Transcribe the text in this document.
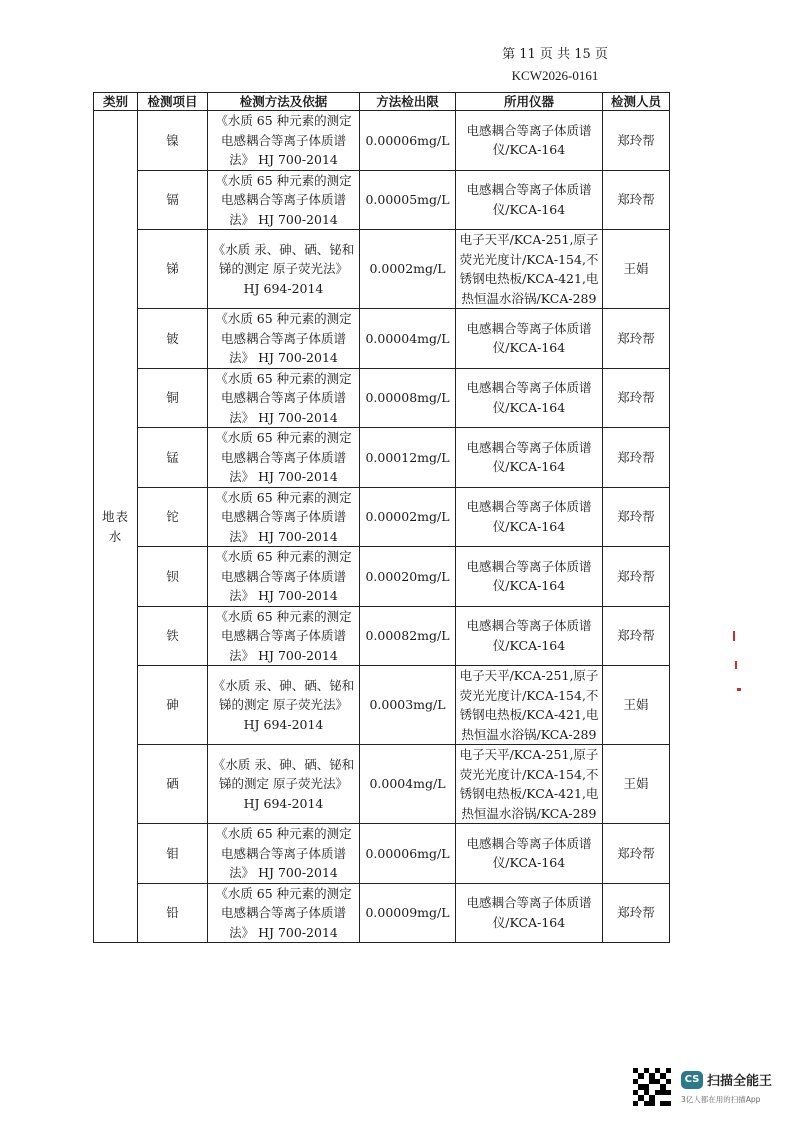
第 11 页 共 15 页
KCW2026-0161
类别	检测项目	检测方法及依据	方法检出限	所用仪器	检测人员
地表水	镍	《水质 65 种元素的测定电感耦合等离子体质谱法》 HJ 700-2014	0.00006mg/L	电感耦合等离子体质谱仪/KCA-164	郑玲帮
	镉	《水质 65 种元素的测定电感耦合等离子体质谱法》 HJ 700-2014	0.00005mg/L	电感耦合等离子体质谱仪/KCA-164	郑玲帮
	锑	《水质 汞、砷、硒、铋和锑的测定 原子荧光法》 HJ 694-2014	0.0002mg/L	电子天平/KCA-251,原子荧光光度计/KCA-154,不锈钢电热板/KCA-421,电热恒温水浴锅/KCA-289	王娟
	铍	《水质 65 种元素的测定电感耦合等离子体质谱法》 HJ 700-2014	0.00004mg/L	电感耦合等离子体质谱仪/KCA-164	郑玲帮
	铜	《水质 65 种元素的测定电感耦合等离子体质谱法》 HJ 700-2014	0.00008mg/L	电感耦合等离子体质谱仪/KCA-164	郑玲帮
	锰	《水质 65 种元素的测定电感耦合等离子体质谱法》 HJ 700-2014	0.00012mg/L	电感耦合等离子体质谱仪/KCA-164	郑玲帮
	铊	《水质 65 种元素的测定电感耦合等离子体质谱法》 HJ 700-2014	0.00002mg/L	电感耦合等离子体质谱仪/KCA-164	郑玲帮
	钡	《水质 65 种元素的测定电感耦合等离子体质谱法》 HJ 700-2014	0.00020mg/L	电感耦合等离子体质谱仪/KCA-164	郑玲帮
	铁	《水质 65 种元素的测定电感耦合等离子体质谱法》 HJ 700-2014	0.00082mg/L	电感耦合等离子体质谱仪/KCA-164	郑玲帮
	砷	《水质 汞、砷、硒、铋和锑的测定 原子荧光法》 HJ 694-2014	0.0003mg/L	电子天平/KCA-251,原子荧光光度计/KCA-154,不锈钢电热板/KCA-421,电热恒温水浴锅/KCA-289	王娟
	硒	《水质 汞、砷、硒、铋和锑的测定 原子荧光法》 HJ 694-2014	0.0004mg/L	电子天平/KCA-251,原子荧光光度计/KCA-154,不锈钢电热板/KCA-421,电热恒温水浴锅/KCA-289	王娟
	钼	《水质 65 种元素的测定电感耦合等离子体质谱法》 HJ 700-2014	0.00006mg/L	电感耦合等离子体质谱仪/KCA-164	郑玲帮
	铅	《水质 65 种元素的测定电感耦合等离子体质谱法》 HJ 700-2014	0.00009mg/L	电感耦合等离子体质谱仪/KCA-164	郑玲帮
CS 扫描全能王
3亿人都在用的扫描App
